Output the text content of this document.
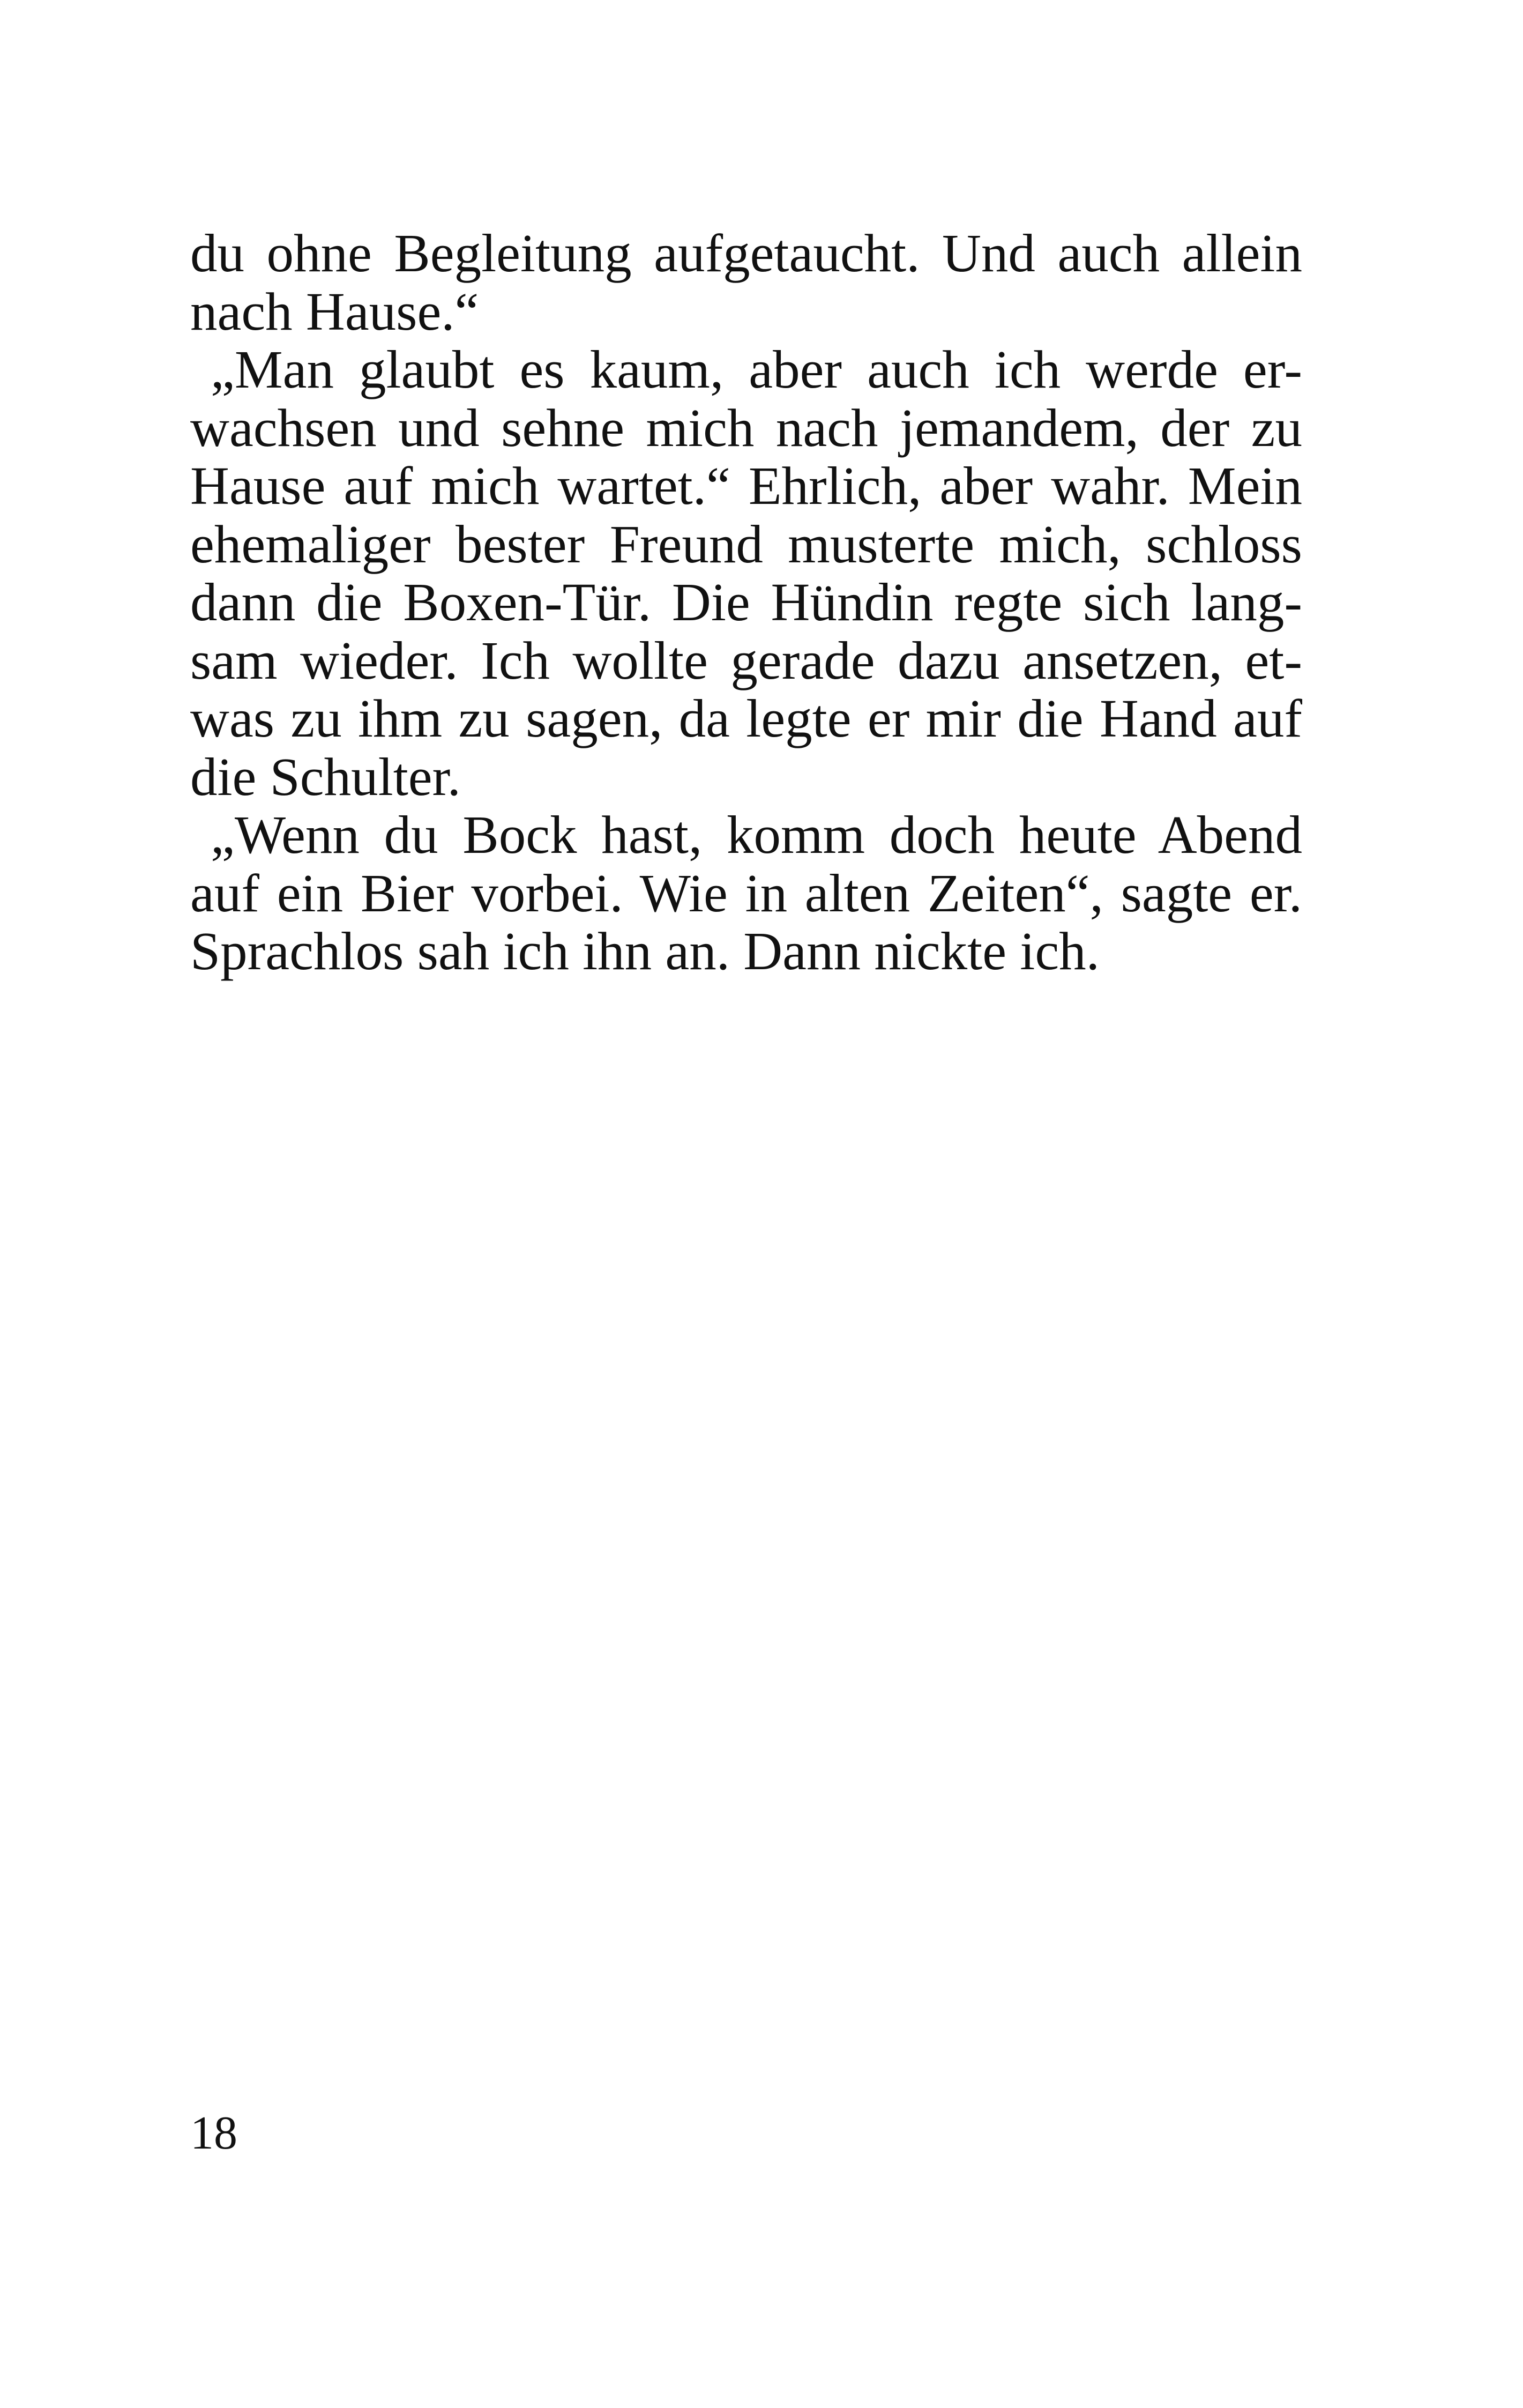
du ohne Begleitung aufgetaucht. Und auch allein
nach Hause.“
„Man glaubt es kaum, aber auch ich werde er-
wachsen und sehne mich nach jemandem, der zu
Hause auf mich wartet.“ Ehrlich, aber wahr. Mein
ehemaliger bester Freund musterte mich, schloss
dann die Boxen-Tür. Die Hündin regte sich lang-
sam wieder. Ich wollte gerade dazu ansetzen, et-
was zu ihm zu sagen, da legte er mir die Hand auf
die Schulter.
„Wenn du Bock hast, komm doch heute Abend
auf ein Bier vorbei. Wie in alten Zeiten“, sagte er.
Sprachlos sah ich ihn an. Dann nickte ich.
18
